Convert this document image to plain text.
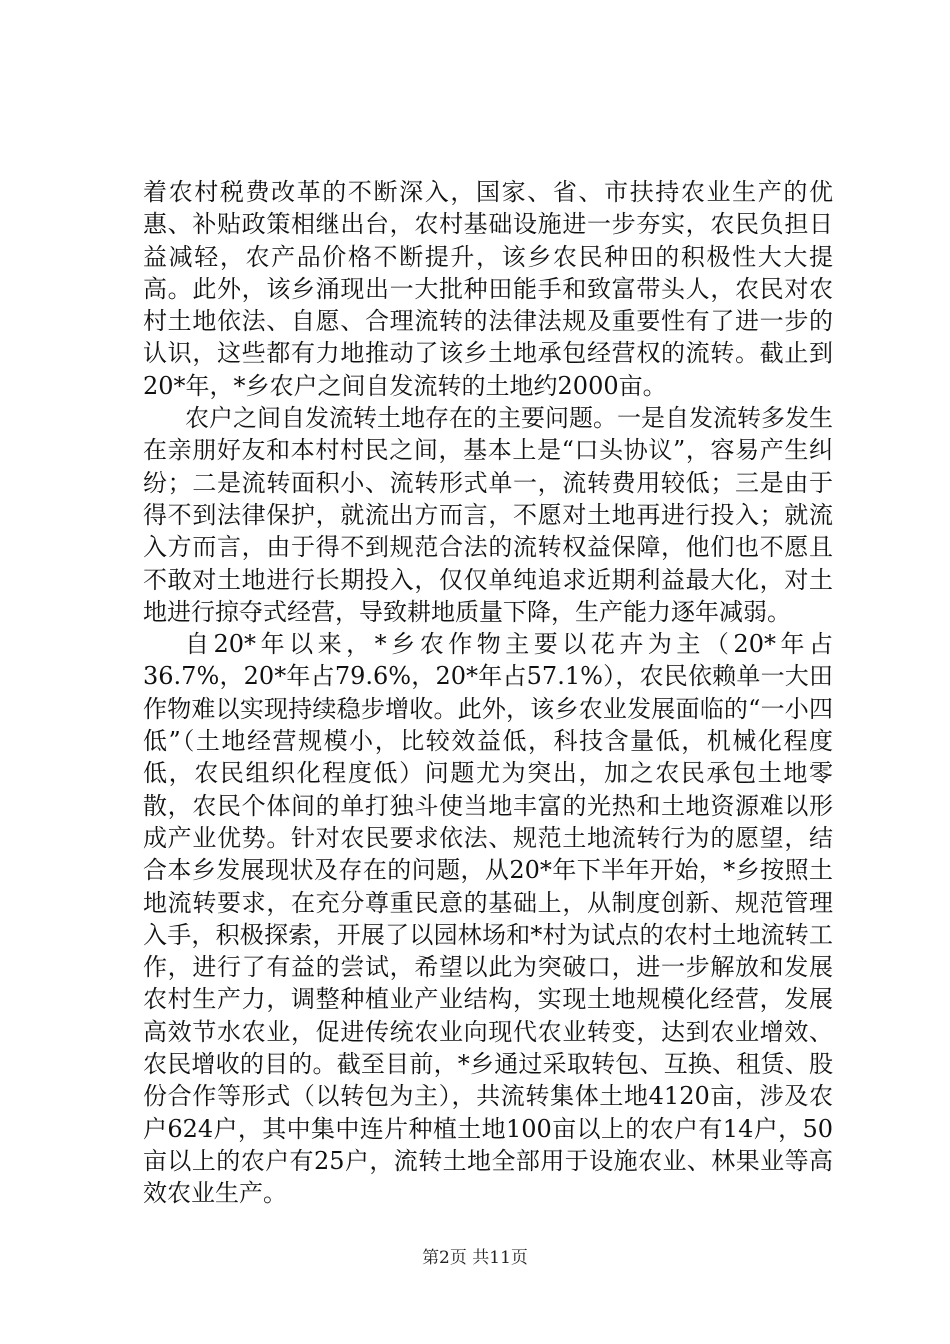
着农村税费改革的不断深入，国家、省、市扶持农业生产的优惠、补贴政策相继出台，农村基础设施进一步夯实，农民负担日益减轻，农产品价格不断提升，该乡农民种田的积极性大大提高。此外，该乡涌现出一大批种田能手和致富带头人，农民对农村土地依法、自愿、合理流转的法律法规及重要性有了进一步的认识，这些都有力地推动了该乡土地承包经营权的流转。截止到20*年，*乡农户之间自发流转的土地约2000亩。

农户之间自发流转土地存在的主要问题。一是自发流转多发生在亲朋好友和本村村民之间，基本上是“口头协议”，容易产生纠纷；二是流转面积小、流转形式单一，流转费用较低；三是由于得不到法律保护，就流出方而言，不愿对土地再进行投入；就流入方而言，由于得不到规范合法的流转权益保障，他们也不愿且不敢对土地进行长期投入，仅仅单纯追求近期利益最大化，对土地进行掠夺式经营，导致耕地质量下降，生产能力逐年减弱。

自20*年以来，*乡农作物主要以花卉为主（20*年占36.7%，20*年占79.6%，20*年占57.1%），农民依赖单一大田作物难以实现持续稳步增收。此外，该乡农业发展面临的“一小四低”（土地经营规模小，比较效益低，科技含量低，机械化程度低，农民组织化程度低）问题尤为突出，加之农民承包土地零散，农民个体间的单打独斗使当地丰富的光热和土地资源难以形成产业优势。针对农民要求依法、规范土地流转行为的愿望，结合本乡发展现状及存在的问题，从20*年下半年开始，*乡按照土地流转要求，在充分尊重民意的基础上，从制度创新、规范管理入手，积极探索，开展了以园林场和*村为试点的农村土地流转工作，进行了有益的尝试，希望以此为突破口，进一步解放和发展农村生产力，调整种植业产业结构，实现土地规模化经营，发展高效节水农业，促进传统农业向现代农业转变，达到农业增效、农民增收的目的。截至目前，*乡通过采取转包、互换、租赁、股份合作等形式（以转包为主），共流转集体土地4120亩，涉及农户624户，其中集中连片种植土地100亩以上的农户有14户，50亩以上的农户有25户，流转土地全部用于设施农业、林果业等高效农业生产。

第2页 共11页
